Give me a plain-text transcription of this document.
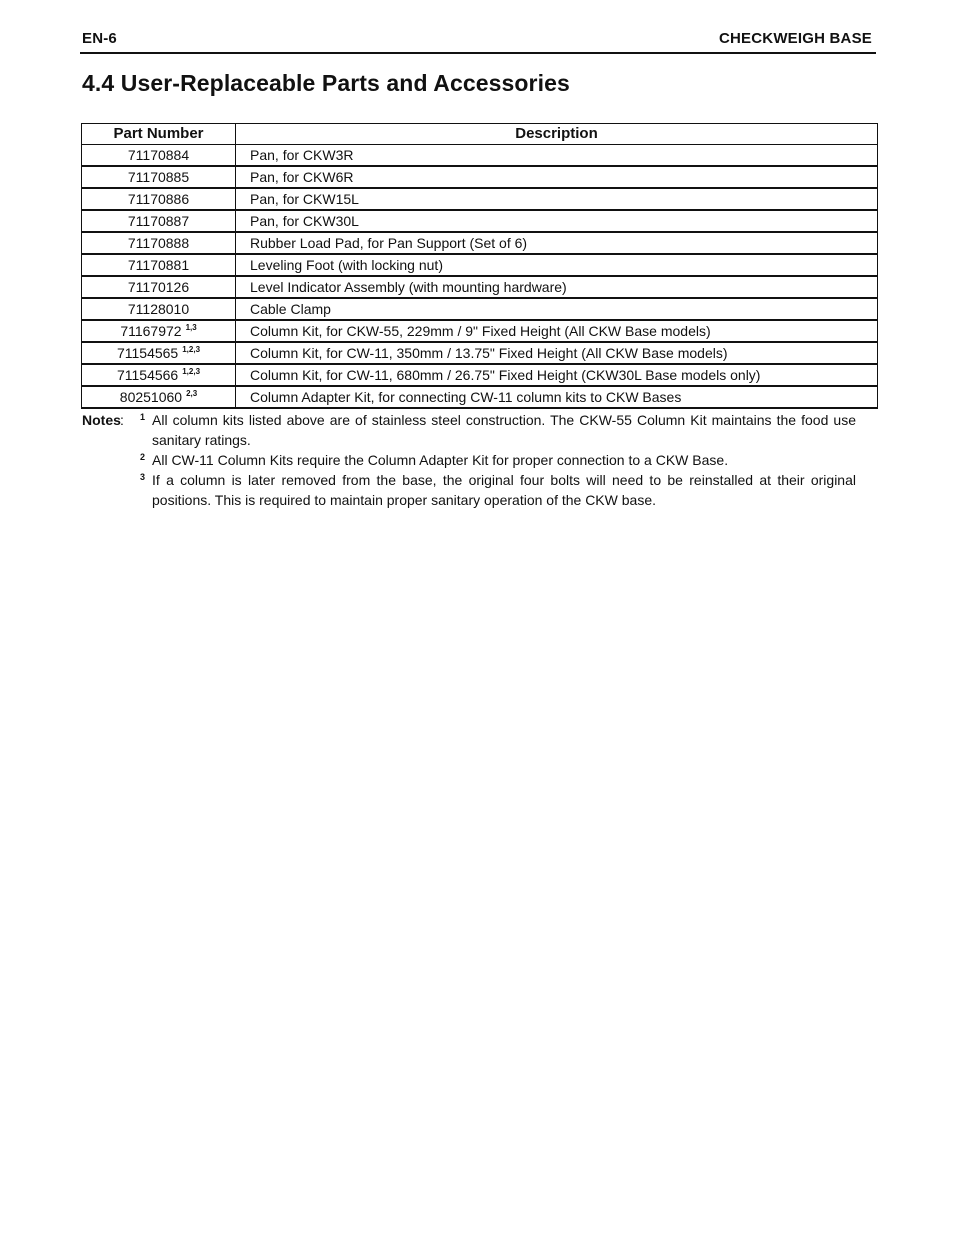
EN-6	CHECKWEIGH BASE
4.4 User-Replaceable Parts and Accessories
Part Number	Description
71170884	Pan, for CKW3R
71170885	Pan, for CKW6R
71170886	Pan, for CKW15L
71170887	Pan, for CKW30L
71170888	Rubber Load Pad, for Pan Support (Set of 6)
71170881	Leveling Foot (with locking nut)
71170126	Level Indicator Assembly (with mounting hardware)
71128010	Cable Clamp
71167972 $^{1,3}$	Column Kit, for CKW-55, 229mm / 9" Fixed Height (All CKW Base models)
71154565 $^{1,2,3}$	Column Kit, for CW-11, 350mm / 13.75" Fixed Height (All CKW Base models)
71154566 $^{1,2,3}$	Column Kit, for CW-11, 680mm / 26.75" Fixed Height (CKW30L Base models only)
80251060 $^{2,3}$	Column Adapter Kit, for connecting CW-11 column kits to CKW Bases
Notes : 1 All column kits listed above are of stainless steel construction. The CKW-55 Column Kit maintains the food use sanitary ratings.

2 All CW-11 Column Kits require the Column Adapter Kit for proper connection to a CKW Base.

3 If a column is later removed from the base, the original four bolts will need to be reinstalled at their original positions. This is required to maintain proper sanitary operation of the CKW base.
